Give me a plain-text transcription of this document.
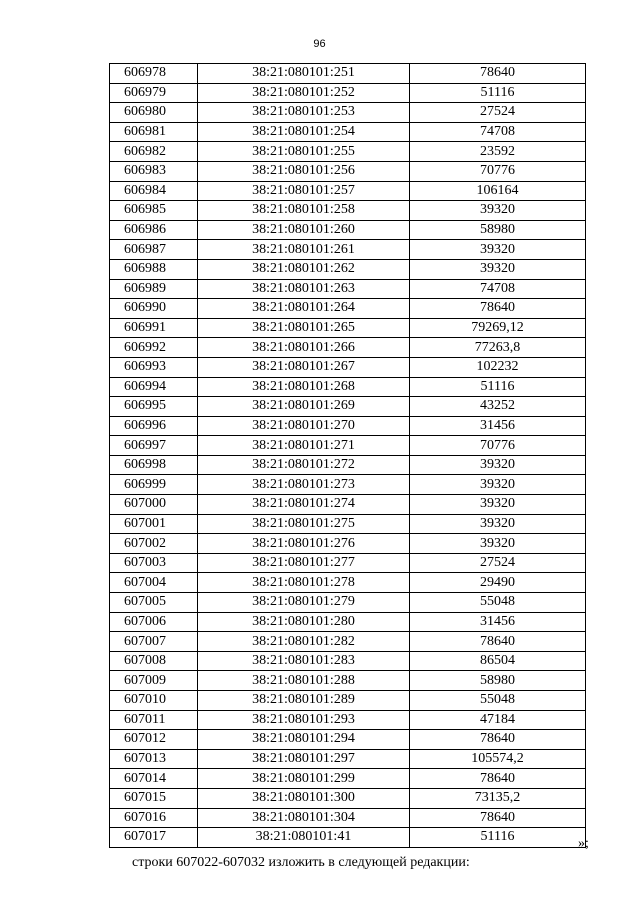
96
606978	38:21:080101:251	78640
606979	38:21:080101:252	51116
606980	38:21:080101:253	27524
606981	38:21:080101:254	74708
606982	38:21:080101:255	23592
606983	38:21:080101:256	70776
606984	38:21:080101:257	106164
606985	38:21:080101:258	39320
606986	38:21:080101:260	58980
606987	38:21:080101:261	39320
606988	38:21:080101:262	39320
606989	38:21:080101:263	74708
606990	38:21:080101:264	78640
606991	38:21:080101:265	79269,12
606992	38:21:080101:266	77263,8
606993	38:21:080101:267	102232
606994	38:21:080101:268	51116
606995	38:21:080101:269	43252
606996	38:21:080101:270	31456
606997	38:21:080101:271	70776
606998	38:21:080101:272	39320
606999	38:21:080101:273	39320
607000	38:21:080101:274	39320
607001	38:21:080101:275	39320
607002	38:21:080101:276	39320
607003	38:21:080101:277	27524
607004	38:21:080101:278	29490
607005	38:21:080101:279	55048
607006	38:21:080101:280	31456
607007	38:21:080101:282	78640
607008	38:21:080101:283	86504
607009	38:21:080101:288	58980
607010	38:21:080101:289	55048
607011	38:21:080101:293	47184
607012	38:21:080101:294	78640
607013	38:21:080101:297	105574,2
607014	38:21:080101:299	78640
607015	38:21:080101:300	73135,2
607016	38:21:080101:304	78640
607017	38:21:080101:41	51116	»;
строки 607022-607032 изложить в следующей редакции:
